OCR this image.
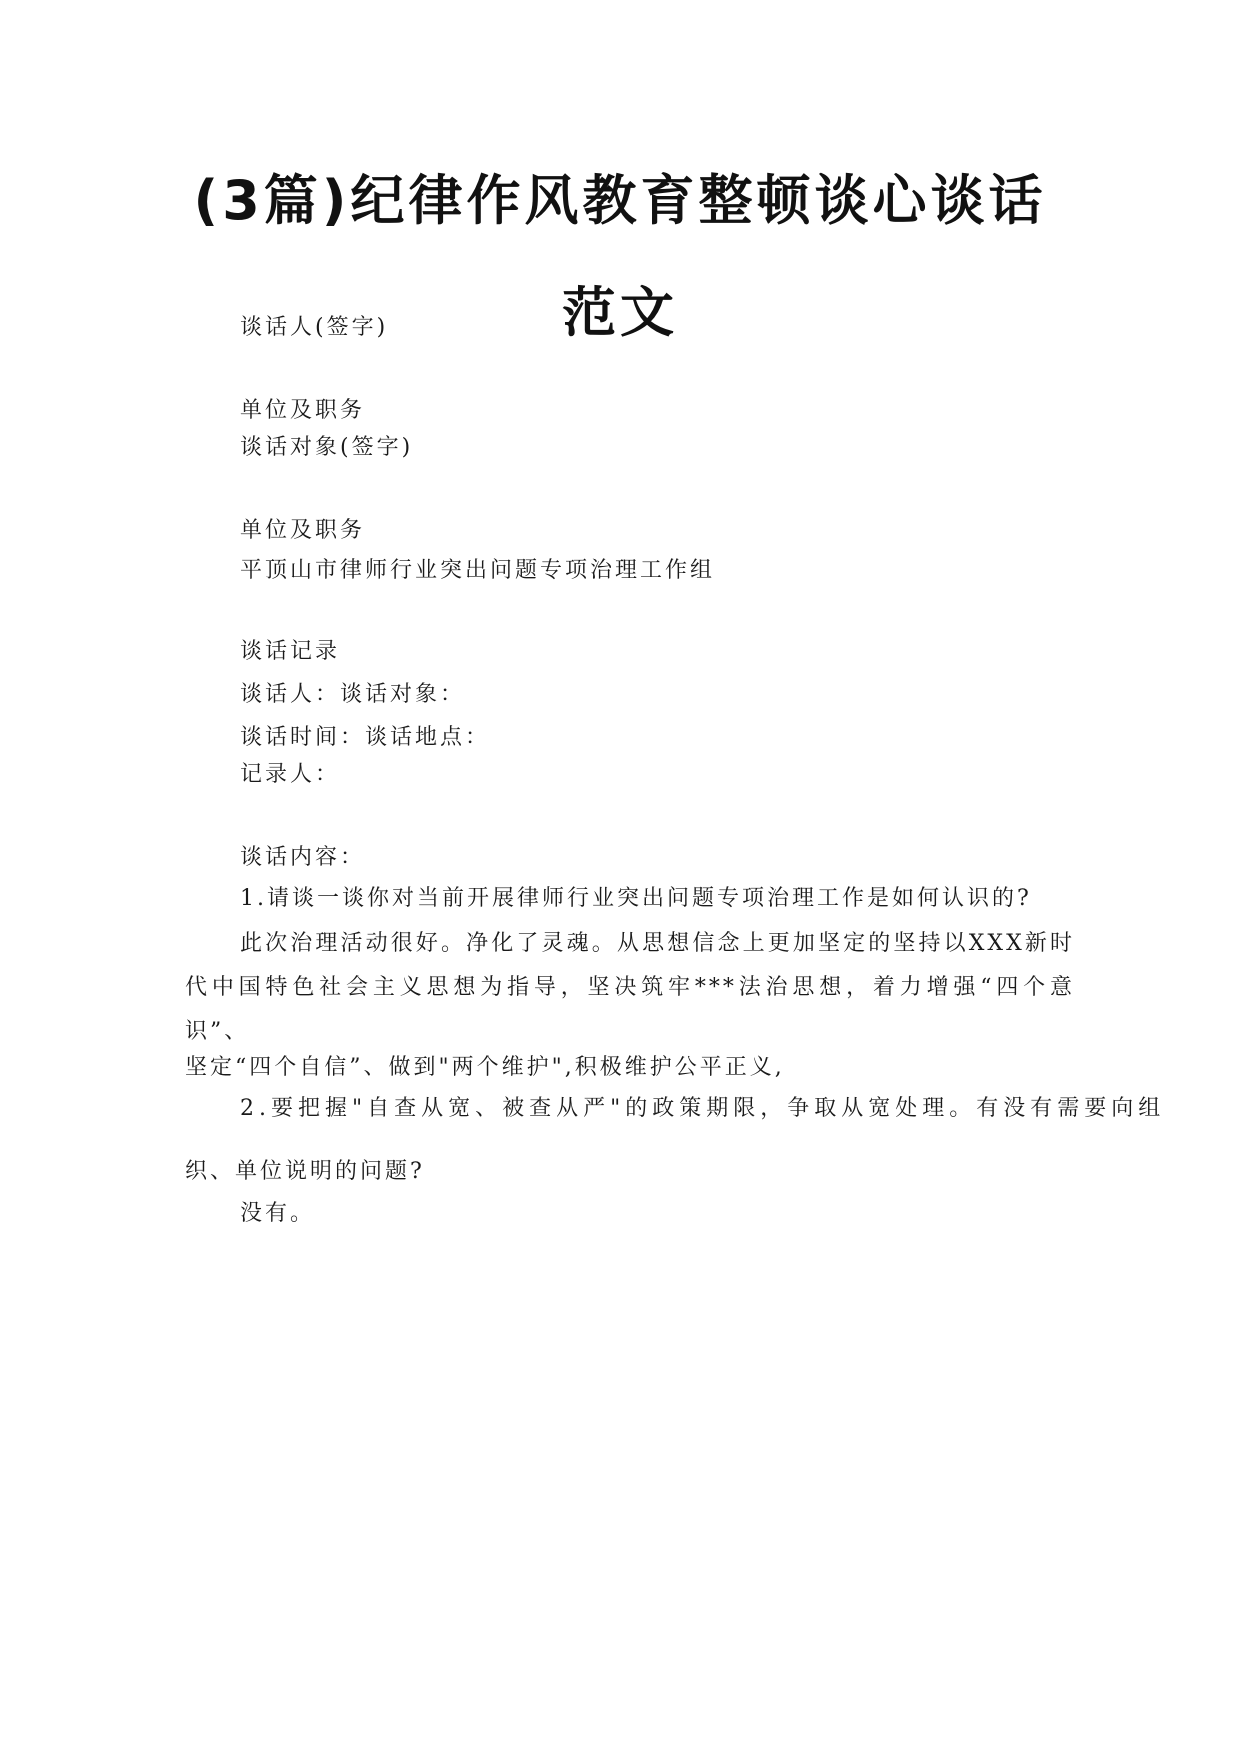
(3篇)纪律作风教育整顿谈心谈话
范文
谈话人(签字)
单位及职务
谈话对象(签字)
单位及职务
平顶山市律师行业突出问题专项治理工作组
谈话记录
谈话人：谈话对象：
谈话时间：谈话地点：
记录人：
谈话内容：
1.请谈一谈你对当前开展律师行业突出问题专项治理工作是如何认识的?
此次治理活动很好。净化了灵魂。从思想信念上更加坚定的坚持以XXX新时代中国特色社会主义思想为指导，坚决筑牢***法治思想，着力增强“四个意识”、
坚定“四个自信”、做到"两个维护",积极维护公平正义,
2.要把握"自查从宽、被查从严"的政策期限，争取从宽处理。有没有需要向组
织、单位说明的问题?
没有。
